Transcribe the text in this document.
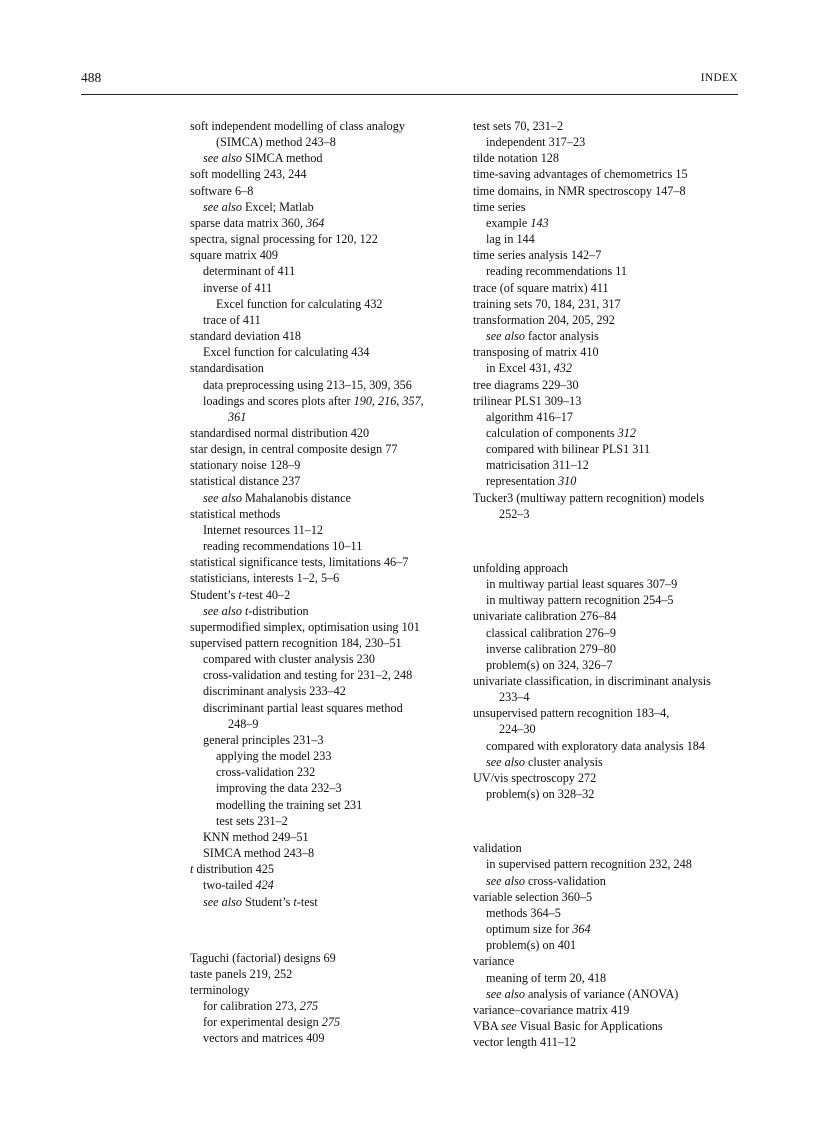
488	INDEX
soft independent modelling of class analogy
(SIMCA) method 243–8
see also SIMCA method
soft modelling 243, 244
software 6–8
see also Excel; Matlab
sparse data matrix 360, 364
spectra, signal processing for 120, 122
square matrix 409
determinant of 411
inverse of 411
Excel function for calculating 432
trace of 411
standard deviation 418
Excel function for calculating 434
standardisation
data preprocessing using 213–15, 309, 356
loadings and scores plots after 190, 216, 357,
361
standardised normal distribution 420
star design, in central composite design 77
stationary noise 128–9
statistical distance 237
see also Mahalanobis distance
statistical methods
Internet resources 11–12
reading recommendations 10–11
statistical significance tests, limitations 46–7
statisticians, interests 1–2, 5–6
Student’s t-test 40–2
see also t-distribution
supermodified simplex, optimisation using 101
supervised pattern recognition 184, 230–51
compared with cluster analysis 230
cross-validation and testing for 231–2, 248
discriminant analysis 233–42
discriminant partial least squares method
248–9
general principles 231–3
applying the model 233
cross-validation 232
improving the data 232–3
modelling the training set 231
test sets 231–2
KNN method 249–51
SIMCA method 243–8
t distribution 425
two-tailed 424
see also Student’s t-test
Taguchi (factorial) designs 69
taste panels 219, 252
terminology
for calibration 273, 275
for experimental design 275
vectors and matrices 409
test sets 70, 231–2
independent 317–23
tilde notation 128
time-saving advantages of chemometrics 15
time domains, in NMR spectroscopy 147–8
time series
example 143
lag in 144
time series analysis 142–7
reading recommendations 11
trace (of square matrix) 411
training sets 70, 184, 231, 317
transformation 204, 205, 292
see also factor analysis
transposing of matrix 410
in Excel 431, 432
tree diagrams 229–30
trilinear PLS1 309–13
algorithm 416–17
calculation of components 312
compared with bilinear PLS1 311
matricisation 311–12
representation 310
Tucker3 (multiway pattern recognition) models
252–3
unfolding approach
in multiway partial least squares 307–9
in multiway pattern recognition 254–5
univariate calibration 276–84
classical calibration 276–9
inverse calibration 279–80
problem(s) on 324, 326–7
univariate classification, in discriminant analysis
233–4
unsupervised pattern recognition 183–4,
224–30
compared with exploratory data analysis 184
see also cluster analysis
UV/vis spectroscopy 272
problem(s) on 328–32
validation
in supervised pattern recognition 232, 248
see also cross-validation
variable selection 360–5
methods 364–5
optimum size for 364
problem(s) on 401
variance
meaning of term 20, 418
see also analysis of variance (ANOVA)
variance–covariance matrix 419
VBA see Visual Basic for Applications
vector length 411–12
